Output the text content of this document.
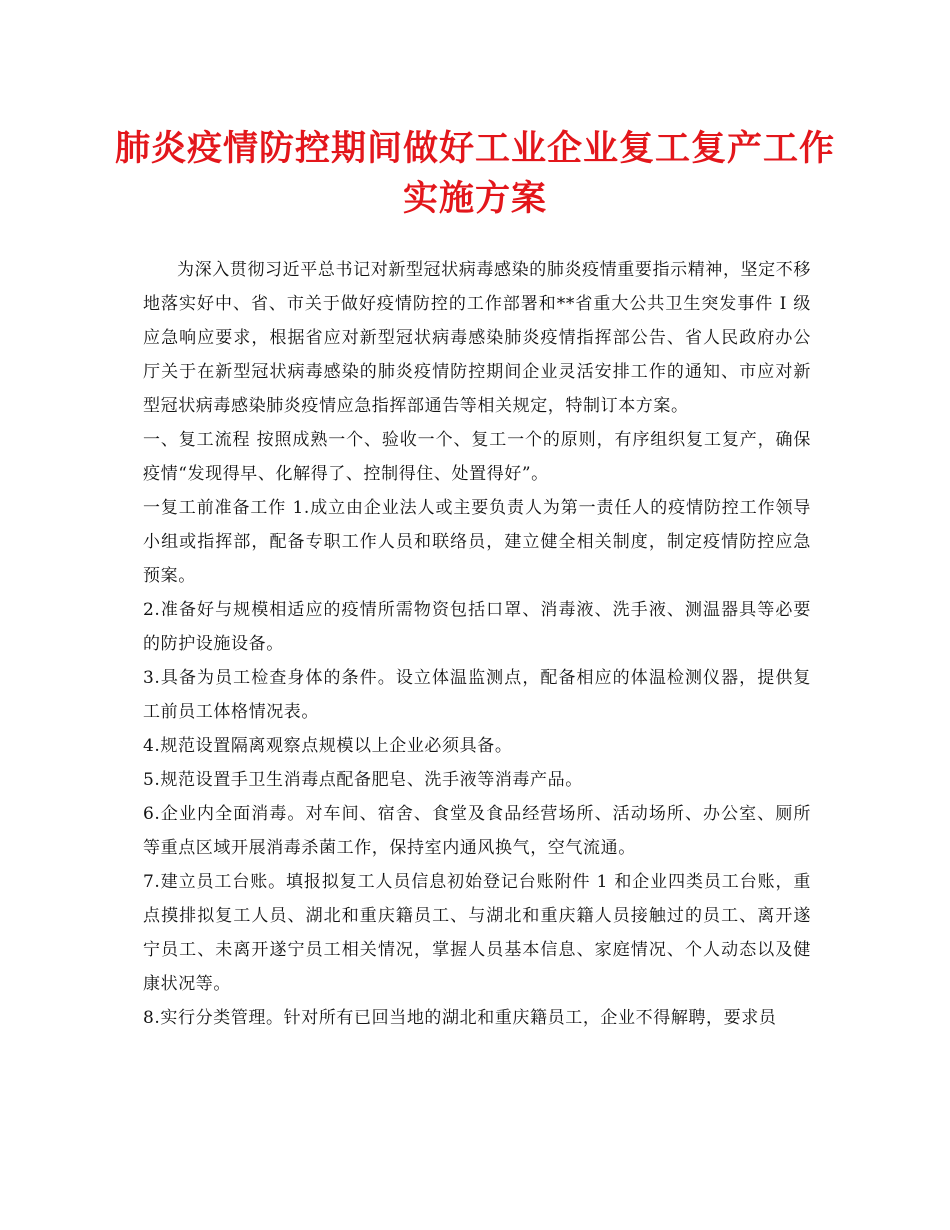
肺炎疫情防控期间做好工业企业复工复产工作实施方案

为深入贯彻习近平总书记对新型冠状病毒感染的肺炎疫情重要指示精神，坚定不移地落实好中、省、市关于做好疫情防控的工作部署和**省重大公共卫生突发事件 I 级应急响应要求，根据省应对新型冠状病毒感染肺炎疫情指挥部公告、省人民政府办公厅关于在新型冠状病毒感染的肺炎疫情防控期间企业灵活安排工作的通知、市应对新型冠状病毒感染肺炎疫情应急指挥部通告等相关规定，特制订本方案。

一、复工流程 按照成熟一个、验收一个、复工一个的原则，有序组织复工复产，确保疫情“发现得早、化解得了、控制得住、处置得好”。

一复工前准备工作 1.成立由企业法人或主要负责人为第一责任人的疫情防控工作领导小组或指挥部，配备专职工作人员和联络员，建立健全相关制度，制定疫情防控应急预案。

2.准备好与规模相适应的疫情所需物资包括口罩、消毒液、洗手液、测温器具等必要的防护设施设备。

3.具备为员工检查身体的条件。设立体温监测点，配备相应的体温检测仪器，提供复工前员工体格情况表。

4.规范设置隔离观察点规模以上企业必须具备。

5.规范设置手卫生消毒点配备肥皂、洗手液等消毒产品。

6.企业内全面消毒。对车间、宿舍、食堂及食品经营场所、活动场所、办公室、厕所等重点区域开展消毒杀菌工作，保持室内通风换气，空气流通。

7.建立员工台账。填报拟复工人员信息初始登记台账附件 1 和企业四类员工台账，重点摸排拟复工人员、湖北和重庆籍员工、与湖北和重庆籍人员接触过的员工、离开遂宁员工、未离开遂宁员工相关情况，掌握人员基本信息、家庭情况、个人动态以及健康状况等。

8.实行分类管理。针对所有已回当地的湖北和重庆籍员工，企业不得解聘，要求员
